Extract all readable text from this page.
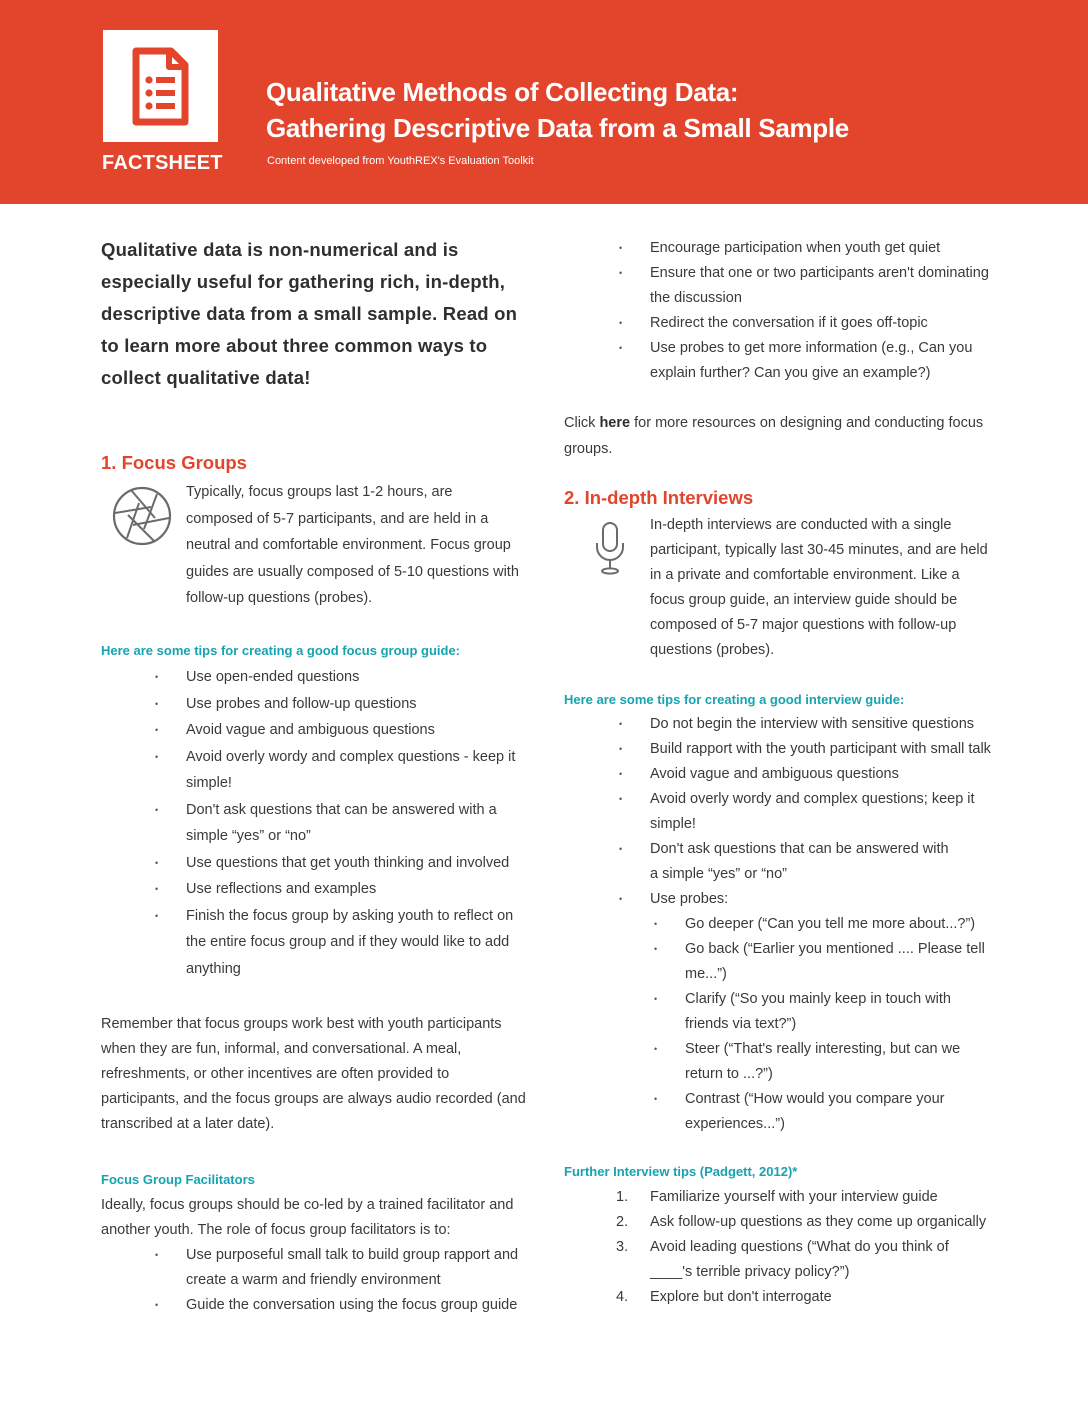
FACTSHEET
Qualitative Methods of Collecting Data:
Gathering Descriptive Data from a Small Sample
Content developed from YouthREX's Evaluation Toolkit
Qualitative data is non-numerical and is especially useful for gathering rich, in-depth, descriptive data from a small sample. Read on to learn more about three common ways to collect qualitative data!
1. Focus Groups
Typically, focus groups last 1-2 hours, are composed of 5-7 participants, and are held in a neutral and comfortable environment. Focus group guides are usually composed of 5-10 questions with follow-up questions (probes).
Here are some tips for creating a good focus group guide:
• Use open-ended questions
• Use probes and follow-up questions
• Avoid vague and ambiguous questions
• Avoid overly wordy and complex questions - keep it simple!
• Don't ask questions that can be answered with a simple “yes” or “no”
• Use questions that get youth thinking and involved
• Use reflections and examples
• Finish the focus group by asking youth to reflect on the entire focus group and if they would like to add anything
Remember that focus groups work best with youth participants when they are fun, informal, and conversational. A meal, refreshments, or other incentives are often provided to participants, and the focus groups are always audio recorded (and transcribed at a later date).
Focus Group Facilitators
Ideally, focus groups should be co-led by a trained facilitator and another youth. The role of focus group facilitators is to:
• Use purposeful small talk to build group rapport and create a warm and friendly environment
• Guide the conversation using the focus group guide
• Encourage participation when youth get quiet
• Ensure that one or two participants aren't dominating the discussion
• Redirect the conversation if it goes off-topic
• Use probes to get more information (e.g., Can you explain further? Can you give an example?)
Click here for more resources on designing and conducting focus groups.
2. In-depth Interviews
In-depth interviews are conducted with a single participant, typically last 30-45 minutes, and are held in a private and comfortable environment. Like a focus group guide, an interview guide should be composed of 5-7 major questions with follow-up questions (probes).
Here are some tips for creating a good interview guide:
• Do not begin the interview with sensitive questions
• Build rapport with the youth participant with small talk
• Avoid vague and ambiguous questions
• Avoid overly wordy and complex questions; keep it simple!
• Don't ask questions that can be answered with a simple “yes” or “no”
• Use probes:
• Go deeper (“Can you tell me more about...?”)
• Go back (“Earlier you mentioned .... Please tell me...”)
• Clarify (“So you mainly keep in touch with friends via text?”)
• Steer (“That's really interesting, but can we return to ...?”)
• Contrast (“How would you compare your experiences...”)
Further Interview tips (Padgett, 2012)*
1. Familiarize yourself with your interview guide
2. Ask follow-up questions as they come up organically
3. Avoid leading questions (“What do you think of ____'s terrible privacy policy?”)
4. Explore but don't interrogate
